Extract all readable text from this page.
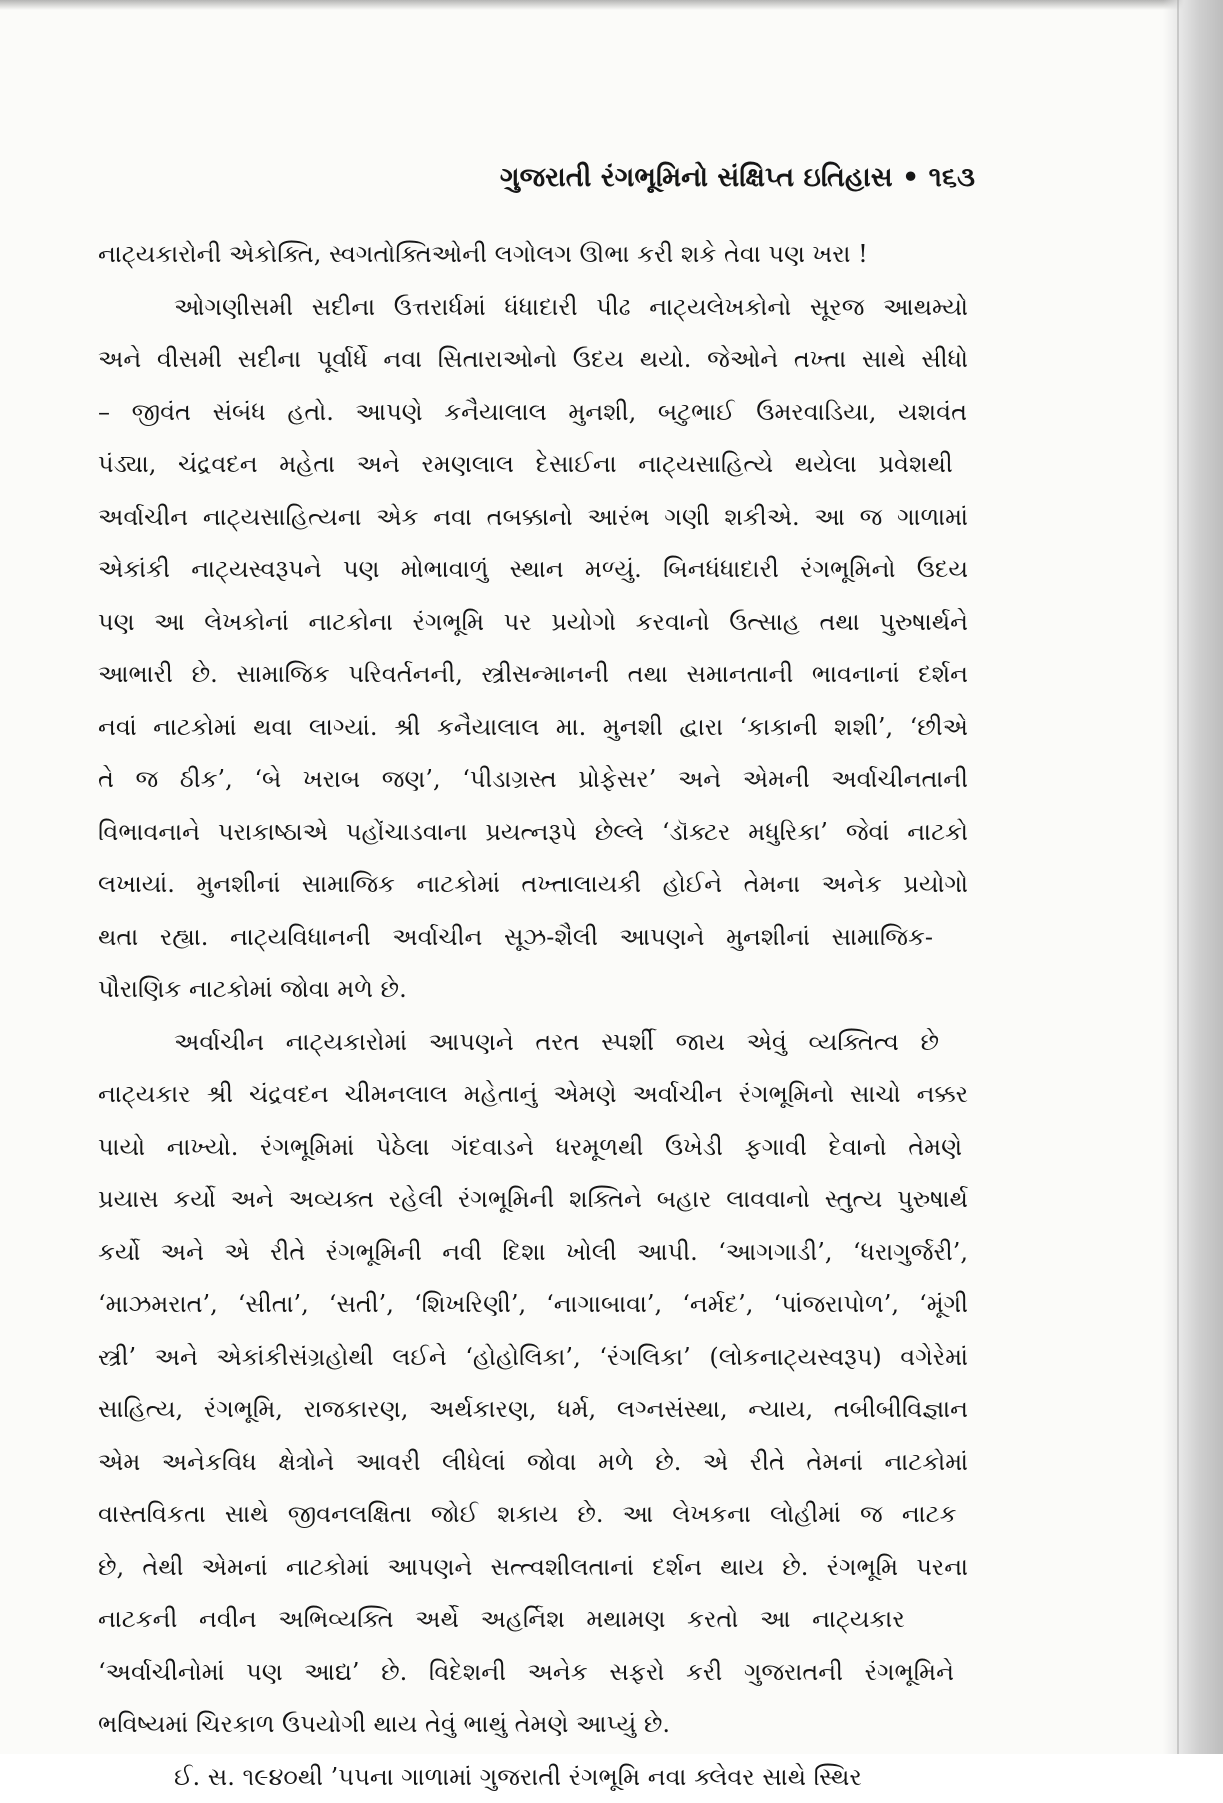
ગુજરાતી રંગભૂમિનો સંક્ષિપ્ત ઇતિહાસ • ૧૬૩
નાટ્યકારોની એકોક્તિ, સ્વગતોક્તિઓની લગોલગ ઊભા કરી શકે તેવા પણ ખરા !
ઓગણીસમી સદીના ઉત્તરાર્ધમાં ધંધાદારી પીઢ નાટ્યલેખકોનો સૂરજ આથમ્યો
અને વીસમી સદીના પૂર્વાર્ધે નવા સિતારાઓનો ઉદય થયો. જેઓને તખ્તા સાથે સીધો
– જીવંત સંબંધ હતો. આપણે કનૈયાલાલ મુનશી, બટુભાઈ ઉમરવાડિયા, યશવંત
પંડ્યા, ચંદ્રવદન મહેતા અને રમણલાલ દેસાઈના નાટ્યસાહિત્યે થયેલા પ્રવેશથી
અર્વાચીન નાટ્યસાહિત્યના એક નવા તબક્કાનો આરંભ ગણી શકીએ. આ જ ગાળામાં
એકાંકી નાટ્યસ્વરૂપને પણ મોભાવાળું સ્થાન મળ્યું. બિનધંધાદારી રંગભૂમિનો ઉદય
પણ આ લેખકોનાં નાટકોના રંગભૂમિ પર પ્રયોગો કરવાનો ઉત્સાહ તથા પુરુષાર્થને
આભારી છે. સામાજિક પરિવર્તનની, સ્ત્રીસન્માનની તથા સમાનતાની ભાવનાનાં દર્શન
નવાં નાટકોમાં થવા લાગ્યાં. શ્રી કનૈયાલાલ મા. મુનશી દ્વારા ‘કાકાની શશી’, ‘છીએ
તે જ ઠીક’, ‘બે ખરાબ જણ’, ‘પીડાગ્રસ્ત પ્રોફેસર’ અને એમની અર્વાચીનતાની
વિભાવનાને પરાકાષ્ઠાએ પહોંચાડવાના પ્રયત્નરૂપે છેલ્લે ‘ડૉક્ટર મધુરિકા’ જેવાં નાટકો
લખાયાં. મુનશીનાં સામાજિક નાટકોમાં તખ્તાલાયકી હોઈને તેમના અનેક પ્રયોગો
થતા રહ્યા. નાટ્યવિધાનની અર્વાચીન સૂઝ-શૈલી આપણને મુનશીનાં સામાજિક-
પૌરાણિક નાટકોમાં જોવા મળે છે.
અર્વાચીન નાટ્યકારોમાં આપણને તરત સ્પર્શી જાય એવું વ્યક્તિત્વ છે
નાટ્યકાર શ્રી ચંદ્રવદન ચીમનલાલ મહેતાનું એમણે અર્વાચીન રંગભૂમિનો સાચો નક્કર
પાયો નાખ્યો. રંગભૂમિમાં પેઠેલા ગંદવાડને ધરમૂળથી ઉખેડી ફગાવી દેવાનો તેમણે
પ્રયાસ કર્યો અને અવ્યક્ત રહેલી રંગભૂમિની શક્તિને બહાર લાવવાનો સ્તુત્ય પુરુષાર્થ
કર્યો અને એ રીતે રંગભૂમિની નવી દિશા ખોલી આપી. ‘આગગાડી’, ‘ધરાગુર્જરી’,
‘માઝમરાત’, ‘સીતા’, ‘સતી’, ‘શિખરિણી’, ‘નાગાબાવા’, ‘નર્મદ’, ‘પાંજરાપોળ’, ‘મૂંગી
સ્ત્રી’ અને એકાંકીસંગ્રહોથી લઈને ‘હોહોલિકા’, ‘રંગલિકા’ (લોકનાટ્યસ્વરૂપ) વગેરેમાં
સાહિત્ય, રંગભૂમિ, રાજકારણ, અર્થકારણ, ધર્મ, લગ્નસંસ્થા, ન્યાય, તબીબીવિજ્ઞાન
એમ અનેકવિધ ક્ષેત્રોને આવરી લીધેલાં જોવા મળે છે. એ રીતે તેમનાં નાટકોમાં
વાસ્તવિકતા સાથે જીવનલક્ષિતા જોઈ શકાય છે. આ લેખકના લોહીમાં જ નાટક
છે, તેથી એમનાં નાટકોમાં આપણને સત્ત્વશીલતાનાં દર્શન થાય છે. રંગભૂમિ પરના
નાટકની નવીન અભિવ્યક્તિ અર્થે અહર્નિશ મથામણ કરતો આ નાટ્યકાર
‘અર્વાચીનોમાં પણ આદ્ય’ છે. વિદેશની અનેક સફરો કરી ગુજરાતની રંગભૂમિને
ભવિષ્યમાં ચિરકાળ ઉપયોગી થાય તેવું ભાથું તેમણે આપ્યું છે.
ઈ. સ. ૧૯૪૦થી ’૫૫ના ગાળામાં ગુજરાતી રંગભૂમિ નવા ક્લેવર સાથે સ્થિર
